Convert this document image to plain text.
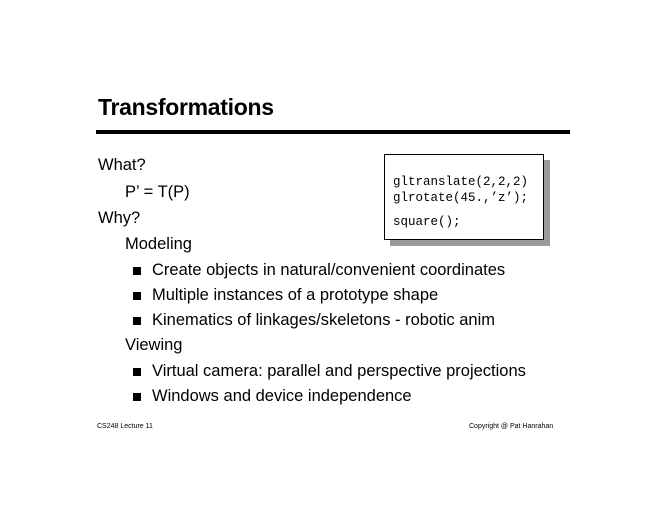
Transformations
What?
P’ = T(P)
Why?
Modeling
Create objects in natural/convenient coordinates
Multiple instances of a prototype shape
Kinematics of linkages/skeletons - robotic anim
Viewing
Virtual camera: parallel and perspective projections
Windows and device independence
gltranslate(2,2,2)
glrotate(45.,’z’);
square();
CS248 Lecture 11	Copyright @ Pat Hanrahan
